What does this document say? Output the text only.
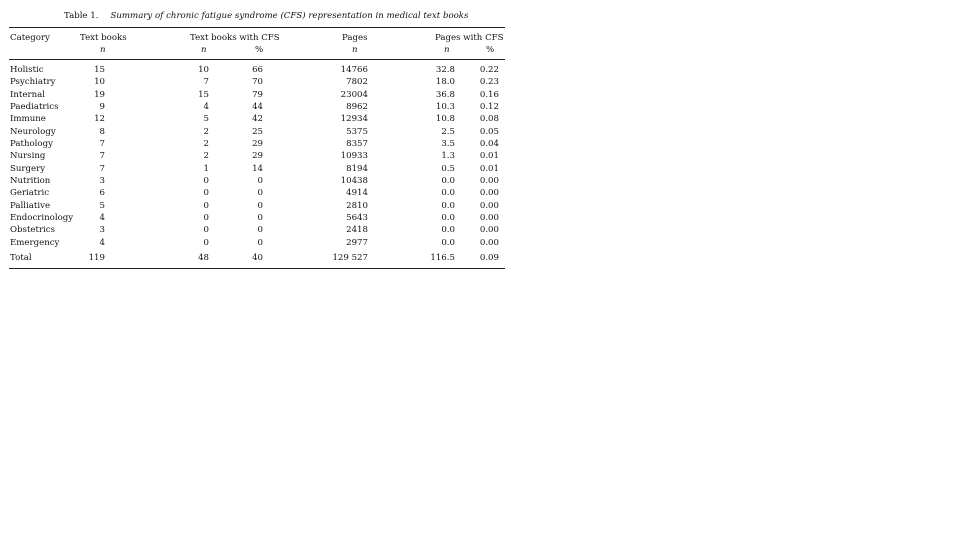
Table 1. Summary of chronic fatigue syndrome (CFS) representation in medical text books
Category	Text books	Text books with CFS	Pages	Pages with CFS
n	n	%	n	n	%
Holistic	15	10	66	14766	32.8	0.22
Psychiatry	10	7	70	7802	18.0	0.23
Internal	19	15	79	23004	36.8	0.16
Paediatrics	9	4	44	8962	10.3	0.12
Immune	12	5	42	12934	10.8	0.08
Neurology	8	2	25	5375	2.5	0.05
Pathology	7	2	29	8357	3.5	0.04
Nursing	7	2	29	10933	1.3	0.01
Surgery	7	1	14	8194	0.5	0.01
Nutrition	3	0	0	10438	0.0	0.00
Geriatric	6	0	0	4914	0.0	0.00
Palliative	5	0	0	2810	0.0	0.00
Endocrinology	4	0	0	5643	0.0	0.00
Obstetrics	3	0	0	2418	0.0	0.00
Emergency	4	0	0	2977	0.0	0.00
Total	119	48	40	129 527	116.5	0.09
